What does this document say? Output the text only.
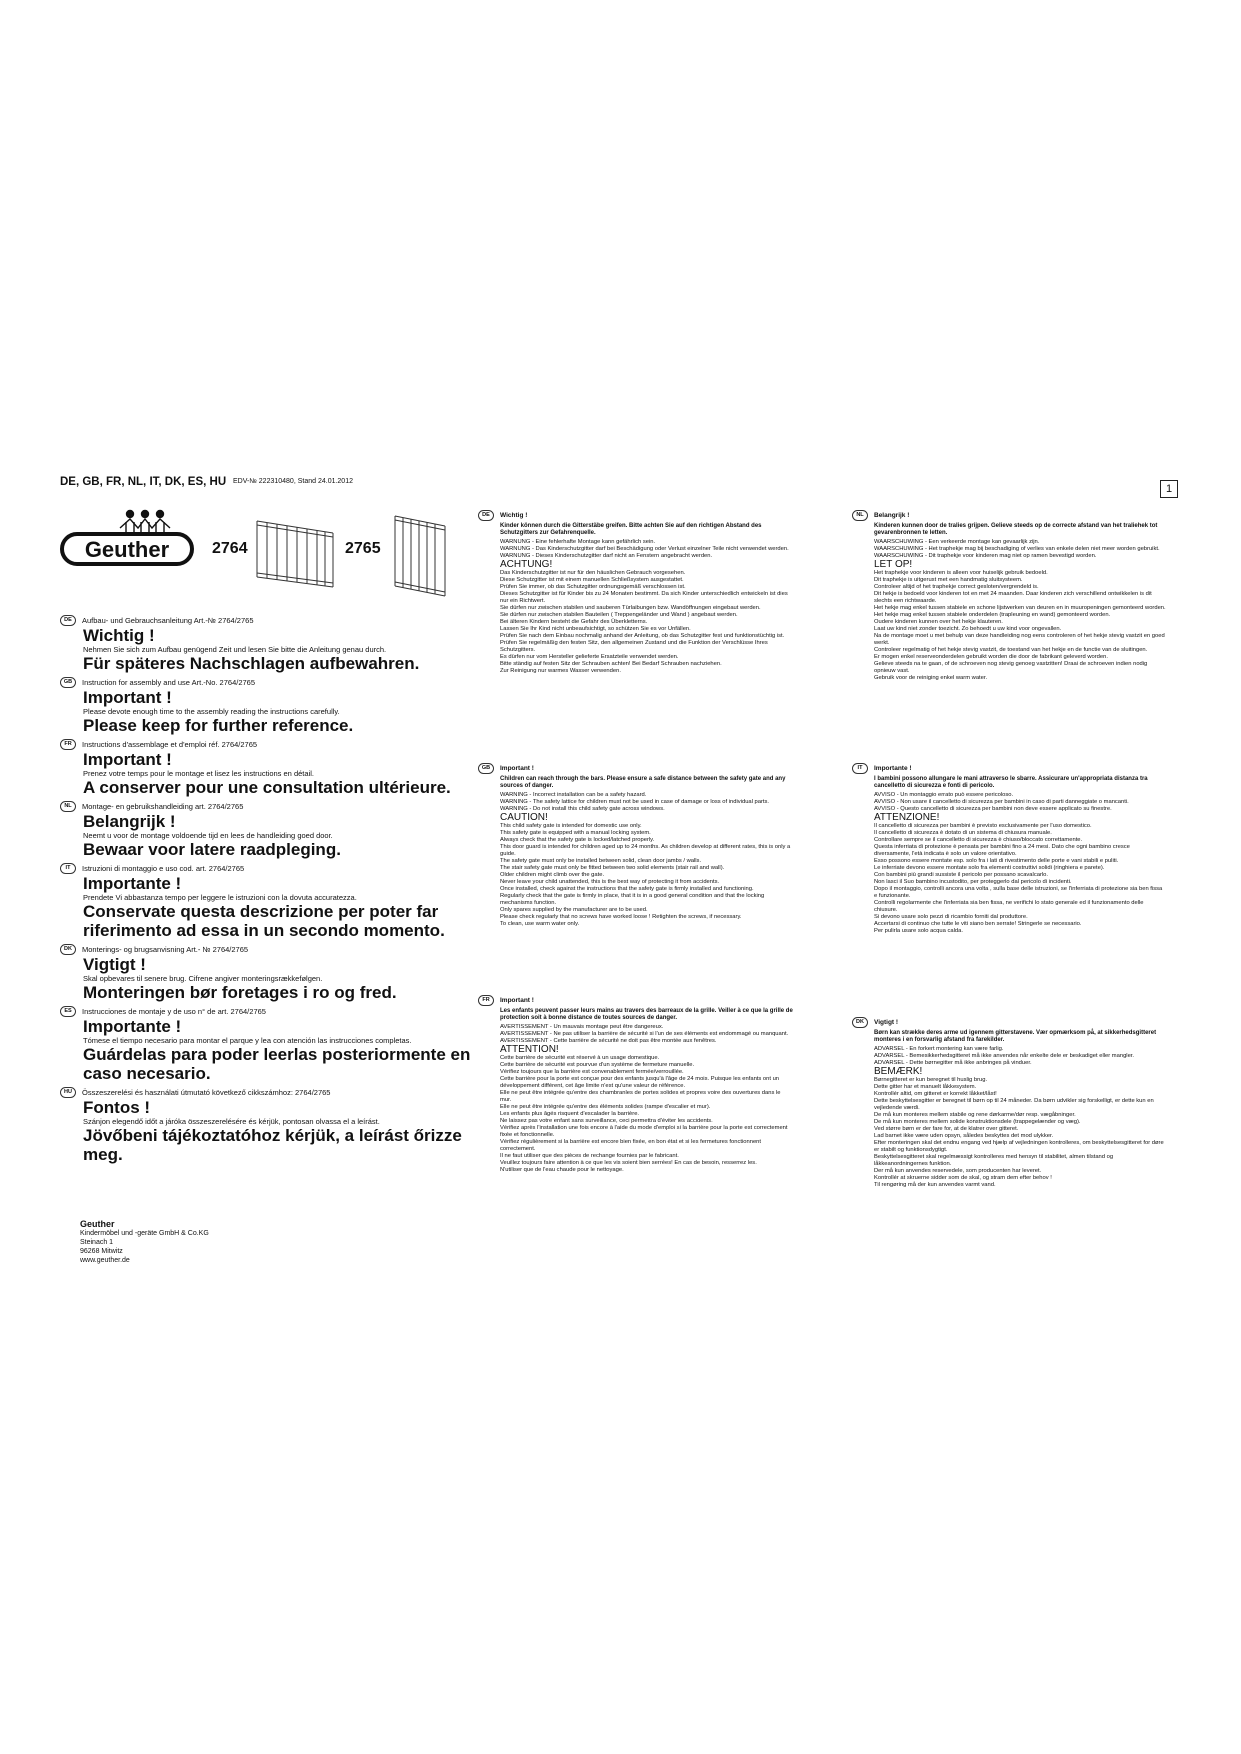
DE, GB, FR, NL, IT, DK, ES, HU EDV-№ 222310480, Stand 24.01.2012
1
Geuther	2764	2765
DE	Aufbau- und Gebrauchsanleitung Art.-№ 2764/2765
Wichtig !
Nehmen Sie sich zum Aufbau genügend Zeit und lesen Sie bitte die Anleitung genau durch.
Für späteres Nachschlagen aufbewahren.
GB	Instruction for assembly and use Art.-No. 2764/2765
Important !
Please devote enough time to the assembly reading the instructions carefully.
Please keep for further reference.
FR	Instructions d'assemblage et d'emploi réf. 2764/2765
Important !
Prenez votre temps pour le montage et lisez les instructions en détail.
A conserver pour une consultation ultérieure.
NL	Montage- en gebruikshandleiding art. 2764/2765
Belangrijk !
Neemt u voor de montage voldoende tijd en lees de handleiding goed door.
Bewaar voor latere raadpleging.
IT	Istruzioni di montaggio e uso cod. art. 2764/2765
Importante !
Prendete Vi abbastanza tempo per leggere le istruzioni con la dovuta accuratezza.
Conservate questa descrizione per poter far riferimento ad essa in un secondo momento.
DK	Monterings- og brugsanvisning Art.- № 2764/2765
Vigtigt !
Skal opbevares til senere brug. Cifrene angiver monteringsrækkefølgen.
Monteringen bør foretages i ro og fred.
ES	Instrucciones de montaje y de uso n° de art. 2764/2765
Importante !
Tómese el tiempo necesario para montar el parque y lea con atención las instrucciones completas.
Guárdelas para poder leerlas posteriormente en caso necesario.
HU	Összeszerelési és használati útmutató következő cikkszámhoz: 2764/2765
Fontos !
Szánjon elegendő időt a járóka összeszerelésére és kérjük, pontosan olvassa el a leírást.
Jövőbeni tájékoztatóhoz kérjük, a leírást őrizze meg.
Geuther
Kindermöbel und -geräte GmbH & Co.KG
Steinach 1
96268 Mitwitz
www.geuther.de
DE	Wichtig !
Kinder können durch die Gitterstäbe greifen. Bitte achten Sie auf den richtigen Abstand des Schutzgitters zur Gefahrenquelle.
WARNUNG - Eine fehlerhafte Montage kann gefährlich sein.
WARNUNG - Das Kinderschutzgitter darf bei Beschädigung oder Verlust einzelner Teile nicht verwendet werden.
WARNUNG - Dieses Kinderschutzgitter darf nicht an Fenstern angebracht werden.
ACHTUNG!
Das Kinderschutzgitter ist nur für den häuslichen Gebrauch vorgesehen.
Diese Schutzgitter ist mit einem manuellen Schließsystem ausgestattet.
Prüfen Sie immer, ob das Schutzgitter ordnungsgemäß verschlossen ist.
Dieses Schutzgitter ist für Kinder bis zu 24 Monaten bestimmt. Da sich Kinder unterschiedlich entwickeln ist dies nur ein Richtwert.
Sie dürfen nur zwischen stabilen und sauberen Türlaibungen bzw. Wandöffnungen eingebaut werden.
Sie dürfen nur zwischen stabilen Bauteilen ( Treppengeländer und Wand ) angebaut werden.
Bei älteren Kindern besteht die Gefahr des Überkletterns.
Lassen Sie Ihr Kind nicht unbeaufsichtigt, so schützen Sie es vor Unfällen.
Prüfen Sie nach dem Einbau nochmalig anhand der Anleitung, ob das Schutzgitter fest und funktionstüchtig ist.
Prüfen Sie regelmäßig den festen Sitz, den allgemeinen Zustand und die Funktion der Verschlüsse Ihres Schutzgitters.
Es dürfen nur vom Hersteller gelieferte Ersatzteile verwendet werden.
Bitte ständig auf festen Sitz der Schrauben achten! Bei Bedarf Schrauben nachziehen.
Zur Reinigung nur warmes Wasser verwenden.
GB	Important !
Children can reach through the bars. Please ensure a safe distance between the safety gate and any sources of danger.
WARNING - Incorrect installation can be a safety hazard.
WARNING - The safety lattice for children must not be used in case of damage or loss of individual parts.
WARNING - Do not install this child safety gate across windows.
CAUTION!
This child safety gate is intended for domestic use only.
This safety gate is equipped with a manual locking system.
Always check that the safety gate is locked/latched properly.
This door guard is intended for children aged up to 24 months. As children develop at different rates, this is only a guide.
The safety gate must only be installed between solid, clean door jambs / walls.
The stair safety gate must only be fitted between two solid elements (stair rail and wall).
Older children might climb over the gate.
Never leave your child unattended, this is the best way of protecting it from accidents.
Once installed, check against the instructions that the safety gate is firmly installed and functioning.
Regularly check that the gate is firmly in place, that it is in a good general condition and that the locking mechanisms function.
Only spares supplied by the manufacturer are to be used.
Please check regularly that no screws have worked loose ! Retighten the screws, if necessary.
To clean, use warm water only.
FR	Important !
Les enfants peuvent passer leurs mains au travers des barreaux de la grille. Veiller à ce que la grille de protection soit à bonne distance de toutes sources de danger.
AVERTISSEMENT - Un mauvais montage peut être dangereux.
AVERTISSEMENT - Ne pas utiliser la barrière de sécurité si l'un de ses éléments est endommagé ou manquant.
AVERTISSEMENT - Cette barrière de sécurité ne doit pas être montée aux fenêtres.
ATTENTION!
Cette barrière de sécurité est réservé à un usage domestique.
Cette barrière de sécurité est pourvue d'un système de fermeture manuelle.
Vérifiez toujours que la barrière est convenablement fermée/verrouillée.
Cette barrière pour la porte est conçue pour des enfants jusqu'à l'âge de 24 mois. Puisque les enfants ont un développement différent, cet âge limite n'est qu'une valeur de référence.
Elle ne peut être intégrée qu'entre des chambranles de portes solides et propres voire des ouvertures dans le mur.
Elle ne peut être intégrée qu'entre des éléments solides (rampe d'escalier et mur).
Les enfants plus âgés risquent d'escalader la barrière.
Ne laissez pas votre enfant sans surveillance, ceci permettra d'éviter les accidents.
Vérifiez après l'installation une fois encore à l'aide du mode d'emploi si la barrière pour la porte est correctement fixée et fonctionnelle.
Vérifiez régulièrement si la barrière est encore bien fixée, en bon état et si les fermetures fonctionnent correctement.
Il ne faut utiliser que des pièces de rechange fournies par le fabricant.
Veuillez toujours faire attention à ce que les vis soient bien serrées! En cas de besoin, resserrez les.
N'utiliser que de l'eau chaude pour le nettoyage.
NL	Belangrijk !
Kinderen kunnen door de tralies grijpen. Gelieve steeds op de correcte afstand van het traliehek tot gevarenbronnen te letten.
WAARSCHUWING - Een verkeerde montage kan gevaarlijk zijn.
WAARSCHUWING - Het traphekje mag bij beschadiging of verlies van enkele delen niet meer worden gebruikt.
WAARSCHUWING - Dit traphekje voor kinderen mag niet op ramen bevestigd worden.
LET OP!
Het traphekje voor kinderen is alleen voor huiselijk gebruik bedoeld.
Dit traphekje is uitgerust met een handmatig sluitsysteem.
Controleer altijd of het traphekje correct gesloten/vergrendeld is.
Dit hekje is bedoeld voor kinderen tot en met 24 maanden. Daar kinderen zich verschillend ontwikkelen is dit slechts een richtwaarde.
Het hekje mag enkel tussen stabiele en schone lijstwerken van deuren en in muuropeningen gemonteerd worden.
Het hekje mag enkel tussen stabiele onderdelen (trapleuning en wand) gemonteerd worden.
Oudere kinderen kunnen over het hekje klauteren.
Laat uw kind niet zonder toezicht. Zo behoedt u uw kind voor ongevallen.
Na de montage moet u met behulp van deze handleiding nog eens controleren of het hekje stevig vastzit en goed werkt.
Controleer regelmatig of het hekje stevig vastzit, de toestand van het hekje en de functie van de sluitingen.
Er mogen enkel reserveonderdelen gebruikt worden die door de fabrikant geleverd worden.
Gelieve steeds na te gaan, of de schroeven nog stevig genoeg vastzitten! Draai de schroeven indien nodig opnieuw vast.
Gebruik voor de reiniging enkel warm water.
IT	Importante !
I bambini possono allungare le mani attraverso le sbarre. Assicurare un'appropriata distanza tra cancelletto di sicurezza e fonti di pericolo.
AVVISO - Un montaggio errato può essere pericoloso.
AVVISO - Non usare il cancelletto di sicurezza per bambini in caso di parti danneggiate o mancanti.
AVVISO - Questo cancelletto di sicurezza per bambini non deve essere applicato su finestre.
ATTENZIONE!
Il cancelletto di sicurezza per bambini è previsto esclusivamente per l'uso domestico.
Il cancelletto di sicurezza è dotato di un sistema di chiusura manuale.
Controllare sempre se il cancelletto di sicurezza è chiuso/bloccato correttamente.
Questa inferriata di protezione è pensata per bambini fino a 24 mesi. Dato che ogni bambino cresce diversamente, l'età indicata è solo un valore orientativo.
Esso possono essere montate esp. solo fra i lati di rivestimento delle porte e vani stabili e puliti.
Le inferriate devono essere montate solo fra elementi costruttivi solidi (ringhiera e parete).
Con bambini più grandi sussiste il pericolo per possano scavalcarlo.
Non lasci il Suo bambino incustodito, per proteggerlo dal pericolo di incidenti.
Dopo il montaggio, controlli ancora una volta , sulla base delle istruzioni, se l'inferriata di protezione sia ben fissa e funzionante.
Controlli regolarmente che l'inferriata sia ben fissa, ne verifichi lo stato generale ed il funzionamento delle chiusure.
Si devono usare solo pezzi di ricambio forniti dal produttore.
Accertarsi di continuo che tutte le viti siano ben serrate! Stringerle se necessario.
Per pulirla usare solo acqua calda.
DK	Vigtigt !
Børn kan strække deres arme ud igennem gitterstavene. Vær opmærksom på, at sikkerhedsgitteret monteres i en forsvarlig afstand fra farekilder.
ADVARSEL - En forkert montering kan være farlig.
ADVARSEL - Bemesikkerhedsgitteret må ikke anvendes når enkelte dele er beskadiget eller mangler.
ADVARSEL - Dette børnegitter må ikke anbringes på vinduer.
BEMÆRK!
Børnegitteret er kun beregnet til huslig brug.
Dette gitter har et manuelt låkkesystem.
Kontrollér altid, om gitteret er korrekt låkket/låst!
Dette beskyttelsesgitter er beregnet til børn op til 24 måneder. Da børn udvikler sig forskelligt, er dette kun en vejledende værdi.
De må kun monteres mellem stabile og rene dørkarme/dør resp. vægåbninger.
De må kun monteres mellem solide konstruktionsdele (trappegelænder og væg).
Ved større børn er der fare for, at de klatrer over gitteret.
Lad barnet ikke være uden opsyn, således beskyttes det mod ulykker.
Efter monteringen skal det endnu engang ved hjælp af vejledningen kontrolleres, om beskyttelsesgitteret for døre er stabilt og funktionsdygtigt.
Beskyttelsesgitteret skal regelmæssigt kontrolleres med hensyn til stabilitet, almen tilstand og låkkeanordningernes funktion.
Der må kun anvendes reservedele, som producenten har leveret.
Kontrollér at skruerne sidder som de skal, og stram dem efter behov !
Til rengøring må der kun anvendes varmt vand.
